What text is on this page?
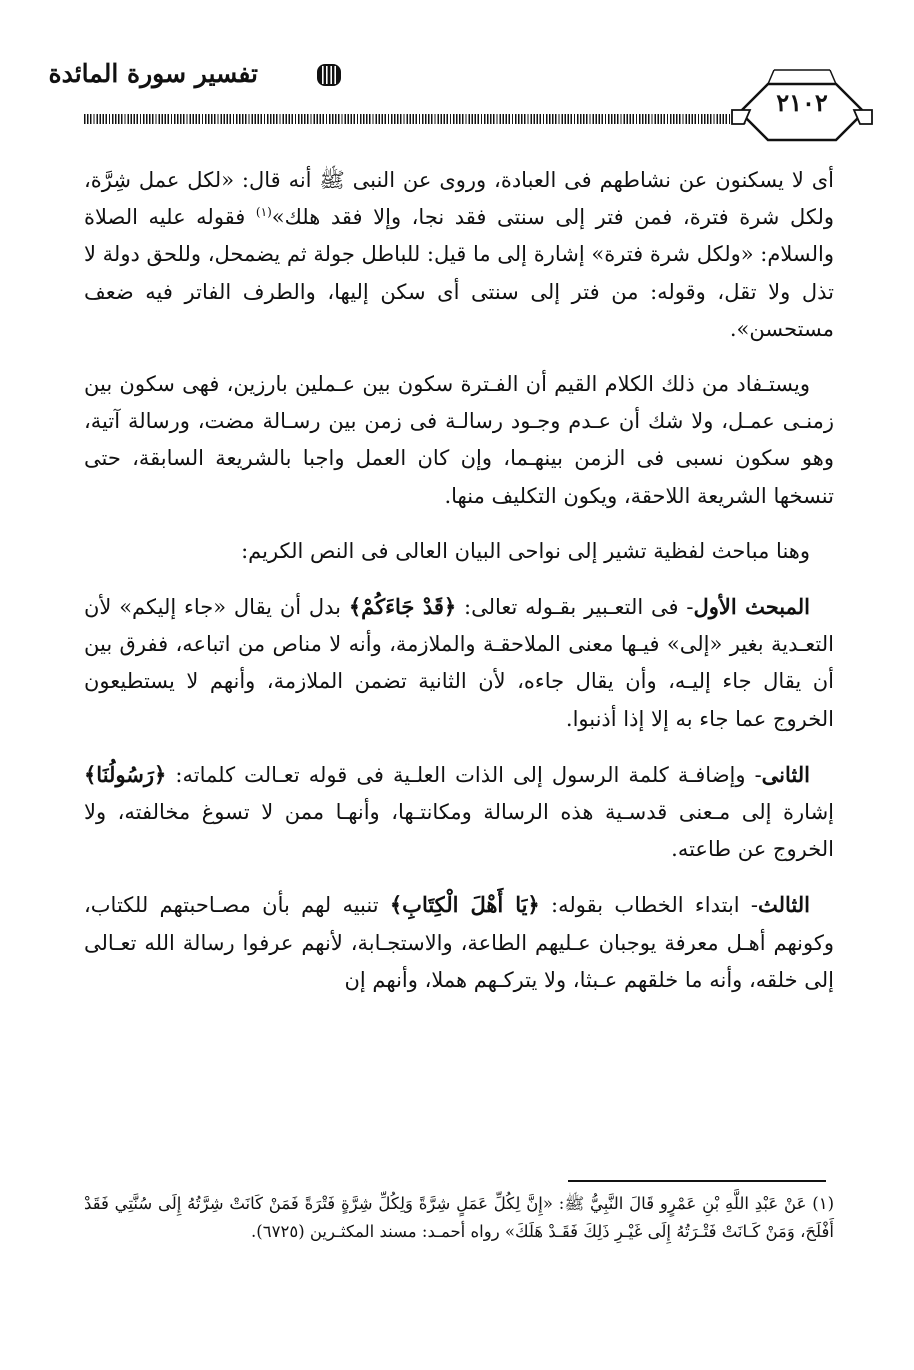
تفسير سورة المائدة
٢١٠٢

أى لا يسكنون عن نشاطهم فى العبادة، وروى عن النبى ﷺ أنه قال: «لكل عمل شِرَّة، ولكل شرة فترة، فمن فتر إلى سنتى فقد نجا، وإلا فقد هلك»$^{(١)}$ فقوله عليه الصلاة والسلام: «ولكل شرة فترة» إشارة إلى ما قيل: للباطل جولة ثم يضمحل، وللحق دولة لا تذل ولا تقل، وقوله: من فتر إلى سنتى أى سكن إليها، والطرف الفاتر فيه ضعف مستحسن».

ويستـفاد من ذلك الكلام القيم أن الفـترة سكون بين عـملين بارزين، فهى سكون بين زمنـى عمـل، ولا شك أن عـدم وجـود رسالـة فى زمن بين رسـالة مضت، ورسالة آتية، وهو سكون نسبى فى الزمن بينهـما، وإن كان العمل واجبا بالشريعة السابقة، حتى تنسخها الشريعة اللاحقة، ويكون التكليف منها.

وهنا مباحث لفظية تشير إلى نواحى البيان العالى فى النص الكريم:

المبحث الأول- فى التعـبير بقـوله تعالى: ﴿قَدْ جَاءَكُمْ﴾ بدل أن يقال «جاء إليكم» لأن التعـدية بغير «إلى» فيـها معنى الملاحقـة والملازمة، وأنه لا مناص من اتباعه، ففرق بين أن يقال جاء إليـه، وأن يقال جاءه، لأن الثانية تضمن الملازمة، وأنهم لا يستطيعون الخروج عما جاء به إلا إذا أذنبوا.

الثانى- وإضافـة كلمة الرسول إلى الذات العلـية فى قوله تعـالت كلماته: ﴿رَسُولُنَا﴾ إشارة إلى مـعنى قدسـية هذه الرسالة ومكانتـها، وأنهـا ممن لا تسوغ مخالفته، ولا الخروج عن طاعته.

الثالث- ابتداء الخطاب بقوله: ﴿يَا أَهْلَ الْكِتَابِ﴾ تنبيه لهم بأن مصـاحبتهم للكتاب، وكونهم أهـل معرفة يوجبان عـليهم الطاعة، والاستجـابة، لأنهم عرفوا رسالة الله تعـالى إلى خلقه، وأنه ما خلقهم عـبثا، ولا يتركـهم هملا، وأنهم إن

(١) عَنْ عَبْدِ اللَّهِ بْنِ عَمْرٍو قَالَ النَّبِيُّ ﷺ: «إِنَّ لِكُلِّ عَمَلٍ شِرَّةً وَلِكُلِّ شِرَّةٍ فَتْرَةً فَمَنْ كَانَتْ شِرَّتُهُ إِلَى سُنَّتِي فَقَدْ أَفْلَحَ، وَمَنْ كَـانَتْ فَتْـرَتُهُ إِلَى غَيْـرِ ذَلِكَ فَقَـدْ هَلَكَ» رواه أحمـد: مسند المكثـرين (٦٧٢٥).
